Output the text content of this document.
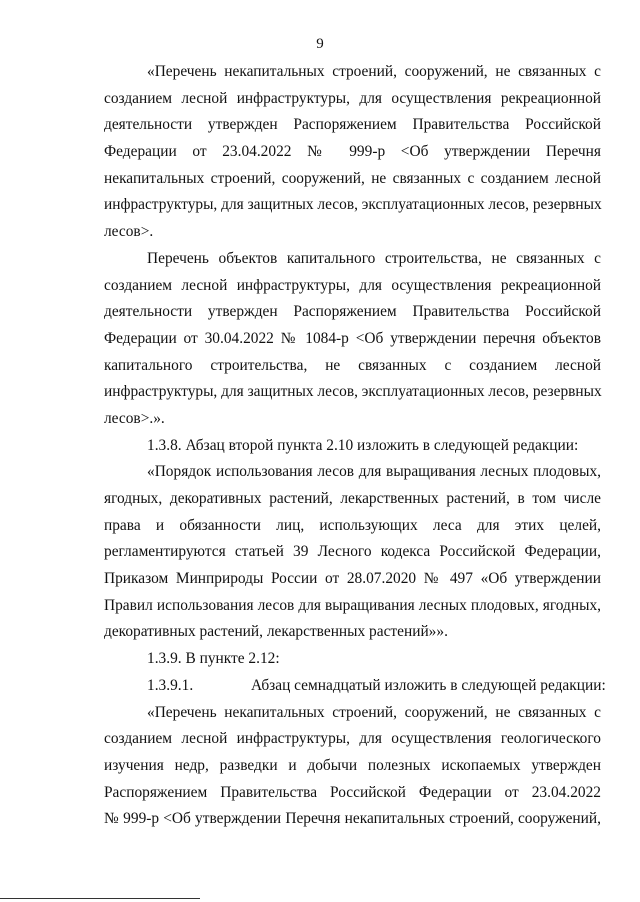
9
«Перечень некапитальных строений, сооружений, не связанных с
созданием лесной инфраструктуры, для осуществления рекреационной
деятельности утвержден Распоряжением Правительства Российской
Федерации от 23.04.2022 № 999-р <Об утверждении Перечня
некапитальных строений, сооружений, не связанных с созданием лесной
инфраструктуры, для защитных лесов, эксплуатационных лесов, резервных
лесов>.
Перечень объектов капитального строительства, не связанных с
созданием лесной инфраструктуры, для осуществления рекреационной
деятельности утвержден Распоряжением Правительства Российской
Федерации от 30.04.2022 № 1084-р <Об утверждении перечня объектов
капитального строительства, не связанных с созданием лесной
инфраструктуры, для защитных лесов, эксплуатационных лесов, резервных
лесов>.».
1.3.8. Абзац второй пункта 2.10 изложить в следующей редакции:
«Порядок использования лесов для выращивания лесных плодовых,
ягодных, декоративных растений, лекарственных растений, в том числе
права и обязанности лиц, использующих леса для этих целей,
регламентируются статьей 39 Лесного кодекса Российской Федерации,
Приказом Минприроды России от 28.07.2020 № 497 «Об утверждении
Правил использования лесов для выращивания лесных плодовых, ягодных,
декоративных растений, лекарственных растений»».
1.3.9. В пункте 2.12:
1.3.9.1.	Абзац семнадцатый изложить в следующей редакции:
«Перечень некапитальных строений, сооружений, не связанных с
созданием лесной инфраструктуры, для осуществления геологического
изучения недр, разведки и добычи полезных ископаемых утвержден
Распоряжением Правительства Российской Федерации от 23.04.2022
№ 999-р <Об утверждении Перечня некапитальных строений, сооружений,
